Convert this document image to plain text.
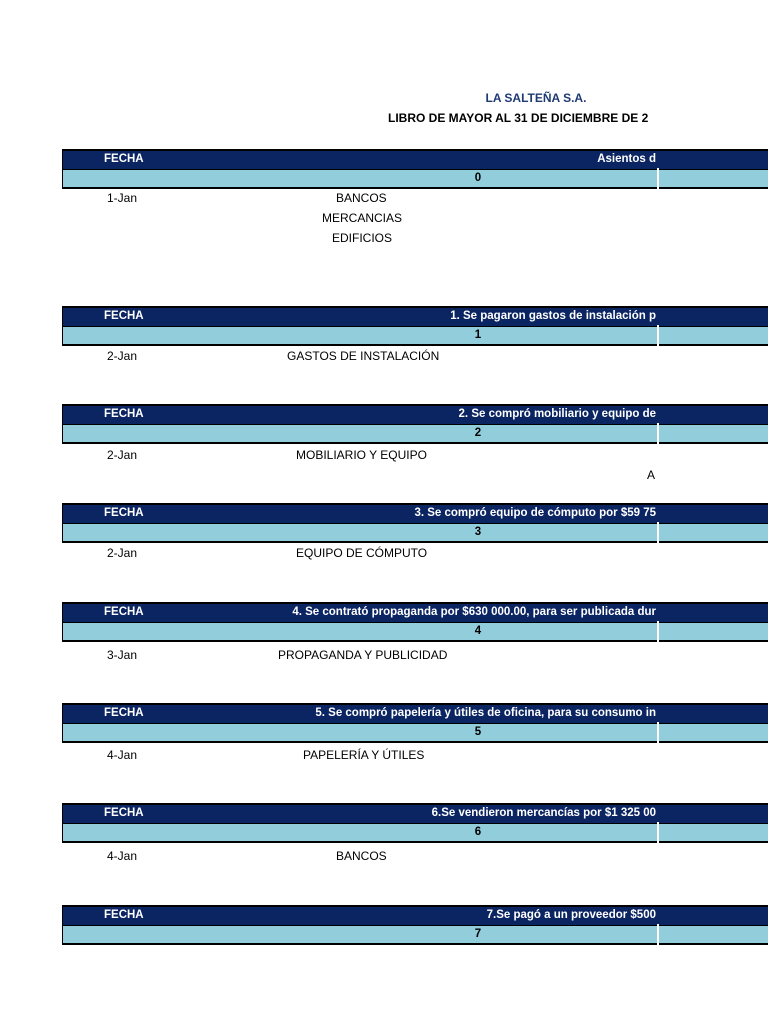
LA SALTEÑA S.A.
LIBRO DE MAYOR AL 31 DE DICIEMBRE DE 2
FECHA	Asientos d
0
1-Jan	BANCOS
MERCANCIAS
EDIFICIOS
FECHA	1. Se pagaron gastos de instalación p
1
2-Jan	GASTOS DE INSTALACIÓN
FECHA	2. Se compró mobiliario y equipo de
2
2-Jan	MOBILIARIO Y EQUIPO
A
FECHA	3. Se compró equipo de cómputo por $59 75
3
2-Jan	EQUIPO DE CÓMPUTO
FECHA	4. Se contrató propaganda por $630 000.00, para ser publicada dur
4
3-Jan	PROPAGANDA Y PUBLICIDAD
FECHA	5. Se compró papelería y útiles de oficina, para su consumo in
5
4-Jan	PAPELERÍA Y ÚTILES
FECHA	6.Se vendieron mercancías por $1 325 00
6
4-Jan	BANCOS
FECHA	7.Se pagó a un proveedor $500
7
